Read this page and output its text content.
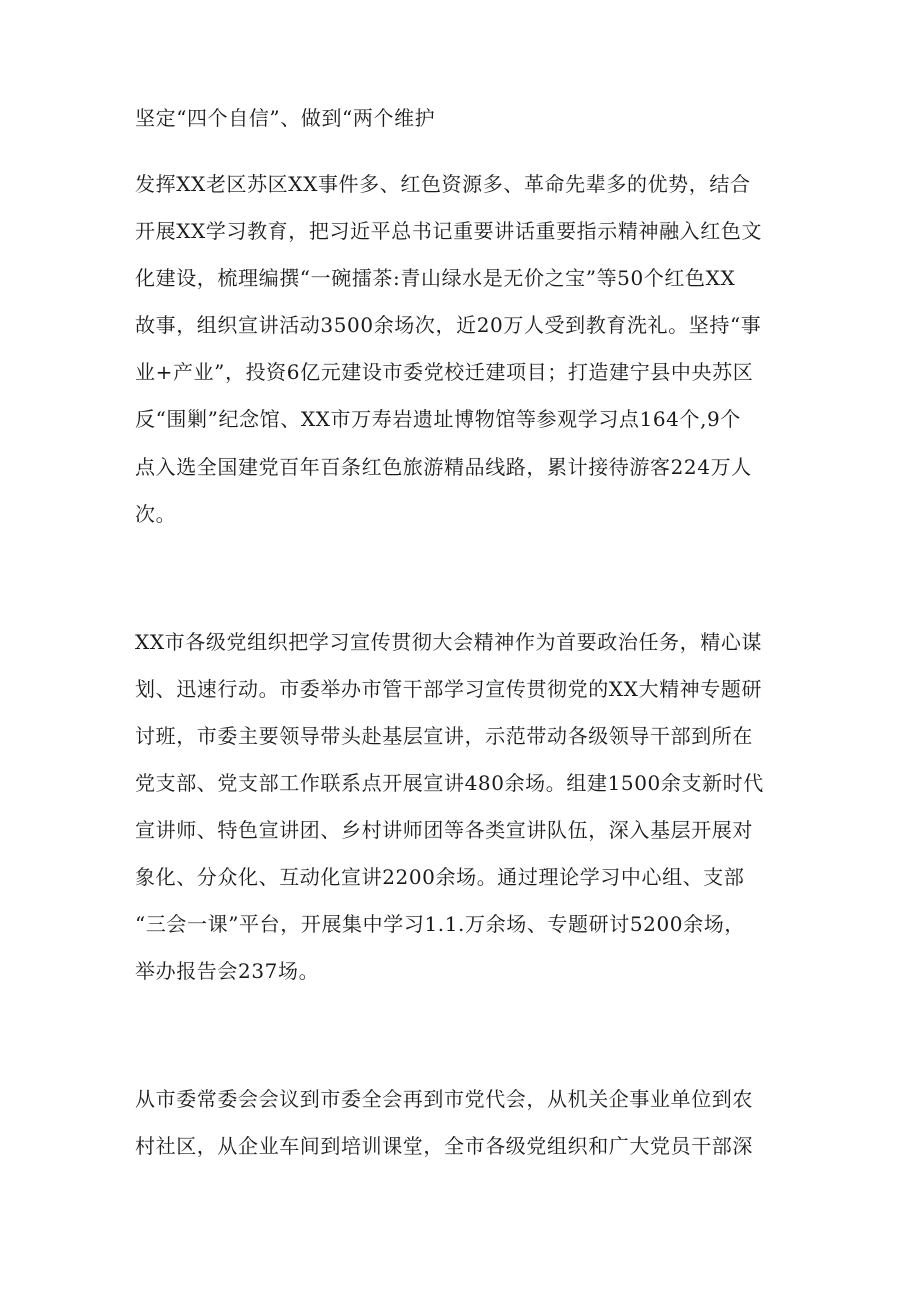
坚定“四个自信”、做到“两个维护
发挥XX老区苏区XX事件多、红色资源多、革命先辈多的优势，结合
开展XX学习教育，把习近平总书记重要讲话重要指示精神融入红色文
化建设，梳理编撰“一碗擂茶:青山绿水是无价之宝”等50个红色XX
故事，组织宣讲活动3500余场次，近20万人受到教育洗礼。坚持“事
业+产业”，投资6亿元建设市委党校迁建项目；打造建宁县中央苏区
反“围剿”纪念馆、XX市万寿岩遗址博物馆等参观学习点164个,9个
点入选全国建党百年百条红色旅游精品线路，累计接待游客224万人
次。
XX市各级党组织把学习宣传贯彻大会精神作为首要政治任务，精心谋
划、迅速行动。市委举办市管干部学习宣传贯彻党的XX大精神专题研
讨班，市委主要领导带头赴基层宣讲，示范带动各级领导干部到所在
党支部、党支部工作联系点开展宣讲480余场。组建1500余支新时代
宣讲师、特色宣讲团、乡村讲师团等各类宣讲队伍，深入基层开展对
象化、分众化、互动化宣讲2200余场。通过理论学习中心组、支部
“三会一课”平台，开展集中学习1.1.万余场、专题研讨5200余场，
举办报告会237场。
从市委常委会会议到市委全会再到市党代会，从机关企事业单位到农
村社区，从企业车间到培训课堂，全市各级党组织和广大党员干部深
